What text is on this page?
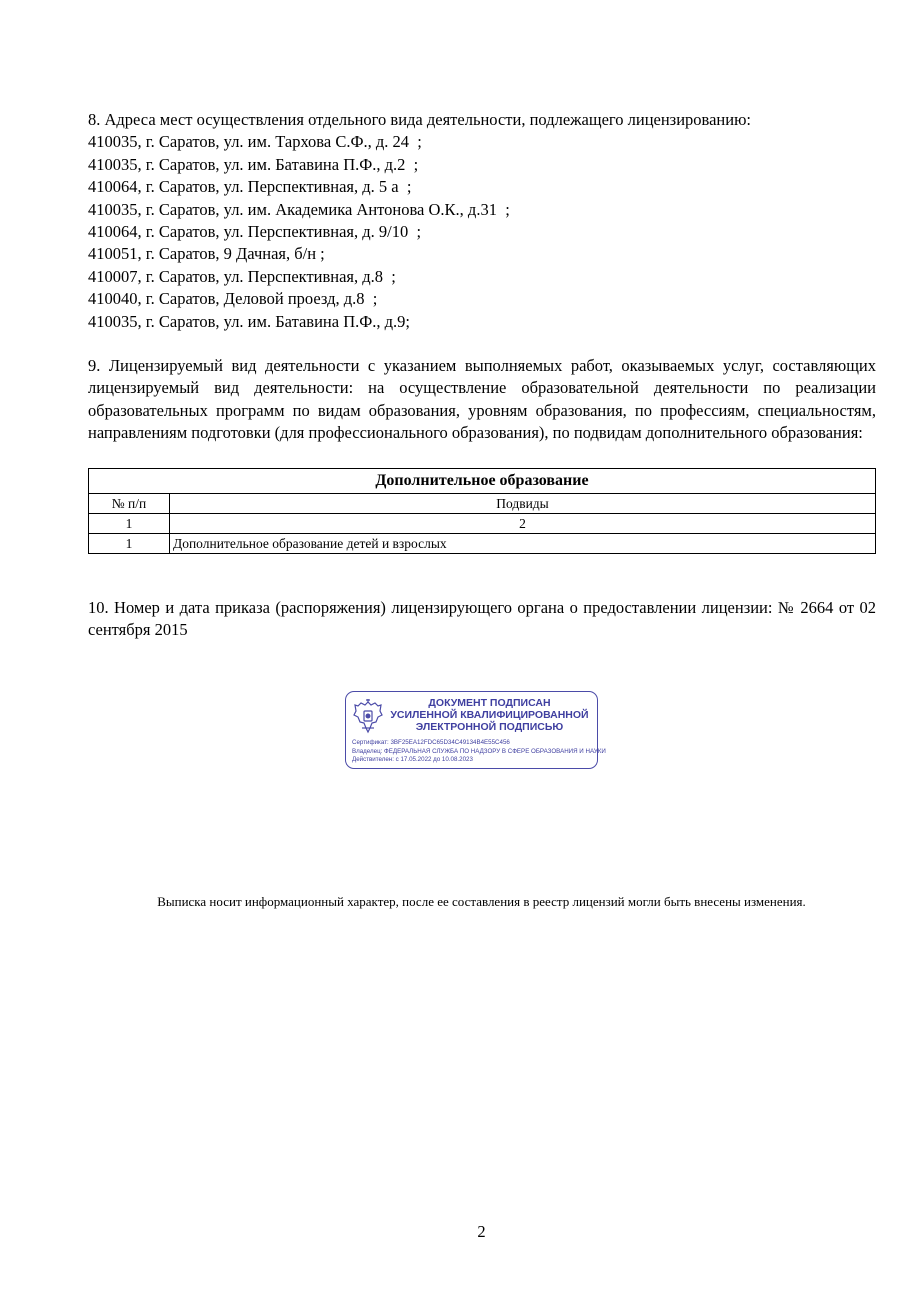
8. Адреса мест осуществления отдельного вида деятельности, подлежащего лицензированию:
410035, г. Саратов, ул. им. Тархова С.Ф., д. 24  ;
410035, г. Саратов, ул. им. Батавина П.Ф., д.2  ;
410064, г. Саратов, ул. Перспективная, д. 5 а  ;
410035, г. Саратов, ул. им. Академика Антонова О.К., д.31  ;
410064, г. Саратов, ул. Перспективная, д. 9/10  ;
410051, г. Саратов, 9 Дачная, б/н ;
410007, г. Саратов, ул. Перспективная, д.8  ;
410040, г. Саратов, Деловой проезд, д.8  ;
410035, г. Саратов, ул. им. Батавина П.Ф., д.9;
9. Лицензируемый вид деятельности с указанием выполняемых работ, оказываемых услуг, составляющих лицензируемый вид деятельности: на осуществление образовательной деятельности по реализации образовательных программ по видам образования, уровням образования, по профессиям, специальностям, направлениям подготовки (для профессионального образования), по подвидам дополнительного образования:
Дополнительное образование	
№ п/п	Подвиды
1	2
1	Дополнительное образование детей и взрослых
10. Номер и дата приказа (распоряжения) лицензирующего органа о предоставлении лицензии: № 2664 от 02 сентября 2015
ДОКУМЕНТ ПОДПИСАН
УСИЛЕННОЙ КВАЛИФИЦИРОВАННОЙ
ЭЛЕКТРОННОЙ ПОДПИСЬЮ
Сертификат: 3BF25EA12FDC65D34C49134B4E55C456
Владелец: ФЕДЕРАЛЬНАЯ СЛУЖБА ПО НАДЗОРУ В СФЕРЕ ОБРАЗОВАНИЯ И НАУКИ
Действителен: с 17.05.2022 до 10.08.2023
Выписка носит информационный характер, после ее составления в реестр лицензий могли быть внесены изменения.
2
